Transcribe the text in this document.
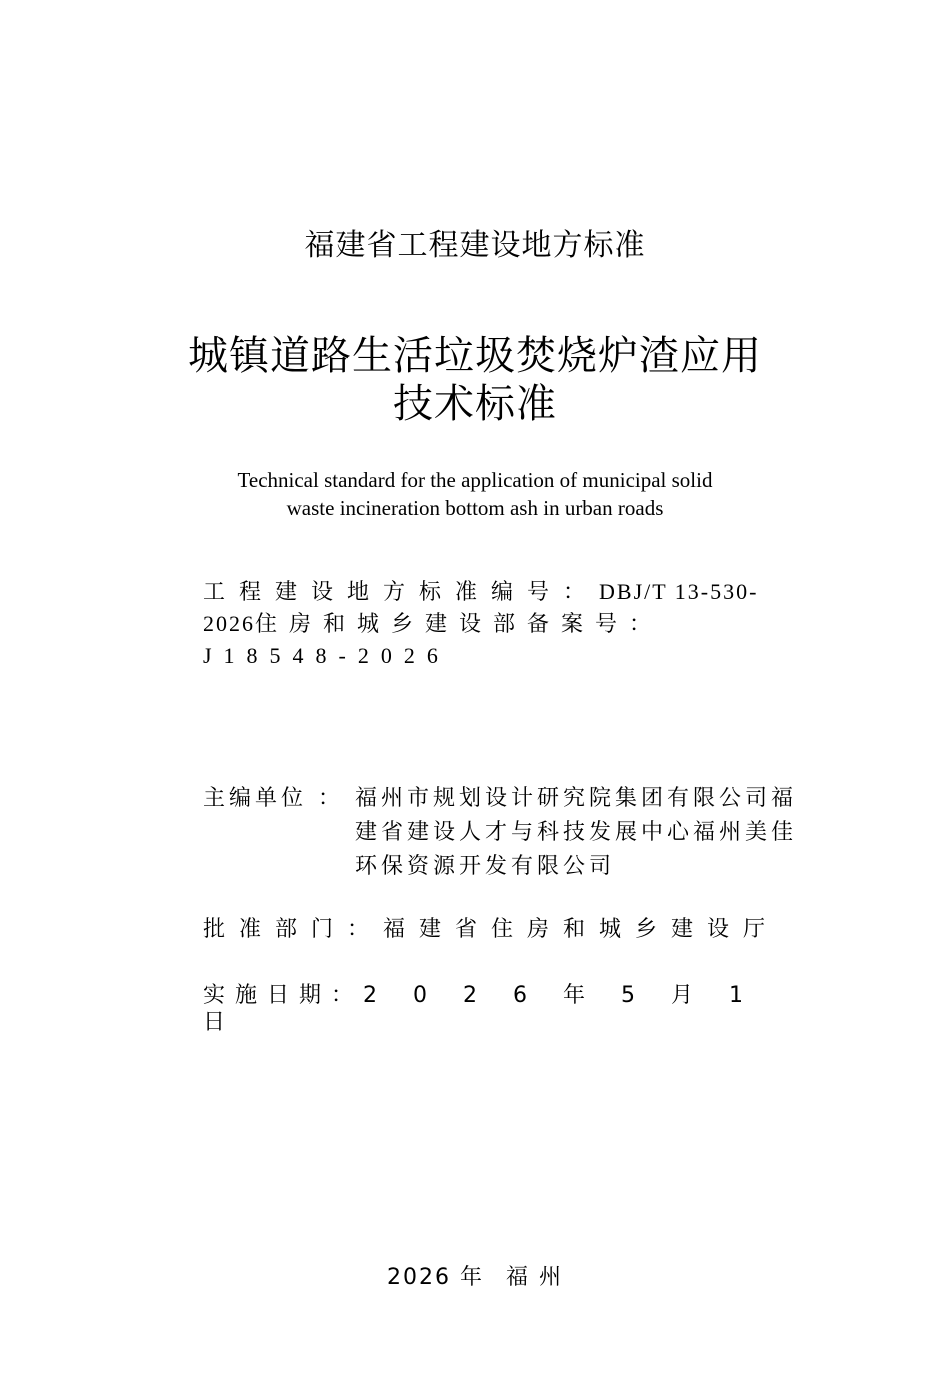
福建省工程建设地方标准
城镇道路生活垃圾焚烧炉渣应用
技术标准
Technical standard for the application of municipal solid
waste incineration bottom ash in urban roads
工程建设地方标准编号：DBJ/T 13-530-2026住房和城乡建设部备案号：J18548-2026
主编单位 ： 福州市规划设计研究院集团有限公司福建省建设人才与科技发展中心福州美佳环保资源开发有限公司
批准部门：福建省住房和城乡建设厅
实施日期：2026年5月1日
2026 年 福 州
